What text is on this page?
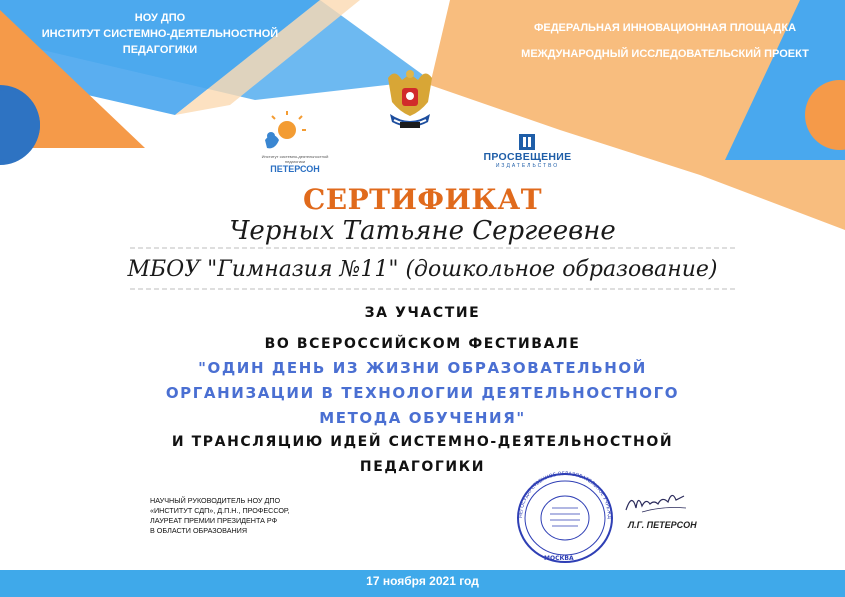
НОУ ДПО
ИНСТИТУТ СИСТЕМНО-ДЕЯТЕЛЬНОСТНОЙ
ПЕДАГОГИКИ
ФЕДЕРАЛЬНАЯ ИННОВАЦИОННАЯ ПЛОЩАДКА
МЕЖДУНАРОДНЫЙ ИССЛЕДОВАТЕЛЬСКИЙ ПРОЕКТ
Институт системно-деятельностной педагогики
ПЕТЕРСОН
ПРОСВЕЩЕНИЕ
ИЗДАТЕЛЬСТВО
СЕРТИФИКАТ
Черных Татьяне Сергеевне
МБОУ "Гимназия №11" (дошкольное образование)
ЗА УЧАСТИЕ
ВО ВСЕРОССИЙСКОМ ФЕСТИВАЛЕ
"ОДИН ДЕНЬ ИЗ ЖИЗНИ ОБРАЗОВАТЕЛЬНОЙ
ОРГАНИЗАЦИИ В ТЕХНОЛОГИИ ДЕЯТЕЛЬНОСТНОГО
МЕТОДА ОБУЧЕНИЯ"
И ТРАНСЛЯЦИЮ ИДЕЙ СИСТЕМНО-ДЕЯТЕЛЬНОСТНОЙ
ПЕДАГОГИКИ
НАУЧНЫЙ РУКОВОДИТЕЛЬ НОУ ДПО
«ИНСТИТУТ СДП», Д.П.Н., ПРОФЕССОР,
ЛАУРЕАТ ПРЕМИИ ПРЕЗИДЕНТА РФ
В ОБЛАСТИ ОБРАЗОВАНИЯ
НЕГОСУДАРСТВЕННОЕ ОБРАЗОВАТЕЛЬНОЕ УЧРЕЖД
МОСКВА
Л.Г. ПЕТЕРСОН
17 ноября 2021 год
